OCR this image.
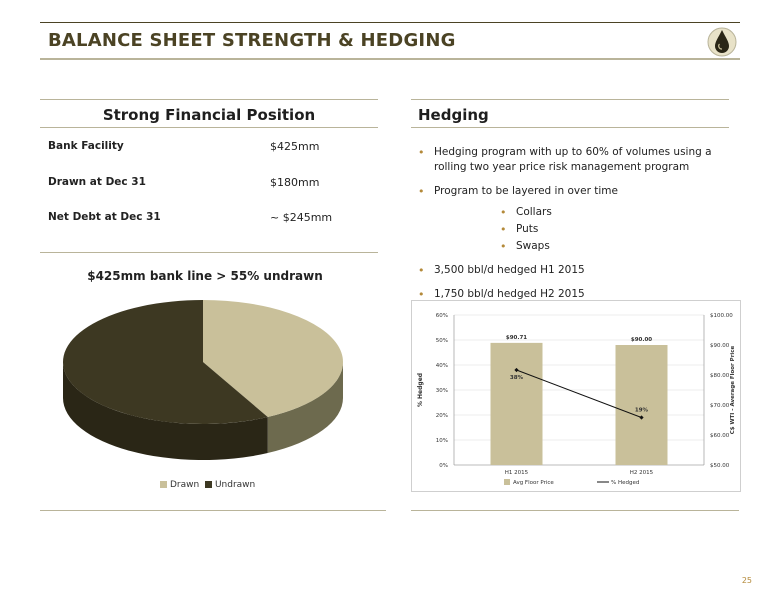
BALANCE SHEET STRENGTH & HEDGING
Strong Financial Position
Bank Facility	$425mm
Drawn at Dec 31	$180mm
Net Debt at Dec 31	~ $245mm
$425mm bank line > 55% undrawn
Drawn Undrawn
Hedging
• Hedging program with up to 60% of volumes using a rolling two year price risk management program
• Program to be layered in over time
• Collars
• Puts
• Swaps
• 3,500 bbl/d hedged H1 2015
• 1,750 bbl/d hedged H2 2015
0%
10%
20%
30%
40%
50%
60%
$50.00
$60.00
$70.00
$80.00
$90.00
$100.00
% Hedged	C$ WTI - Average Floor Price
$90.71	$90.00
H1 2015	H2 2015
38%
19%
Avg Floor Price	% Hedged
25
